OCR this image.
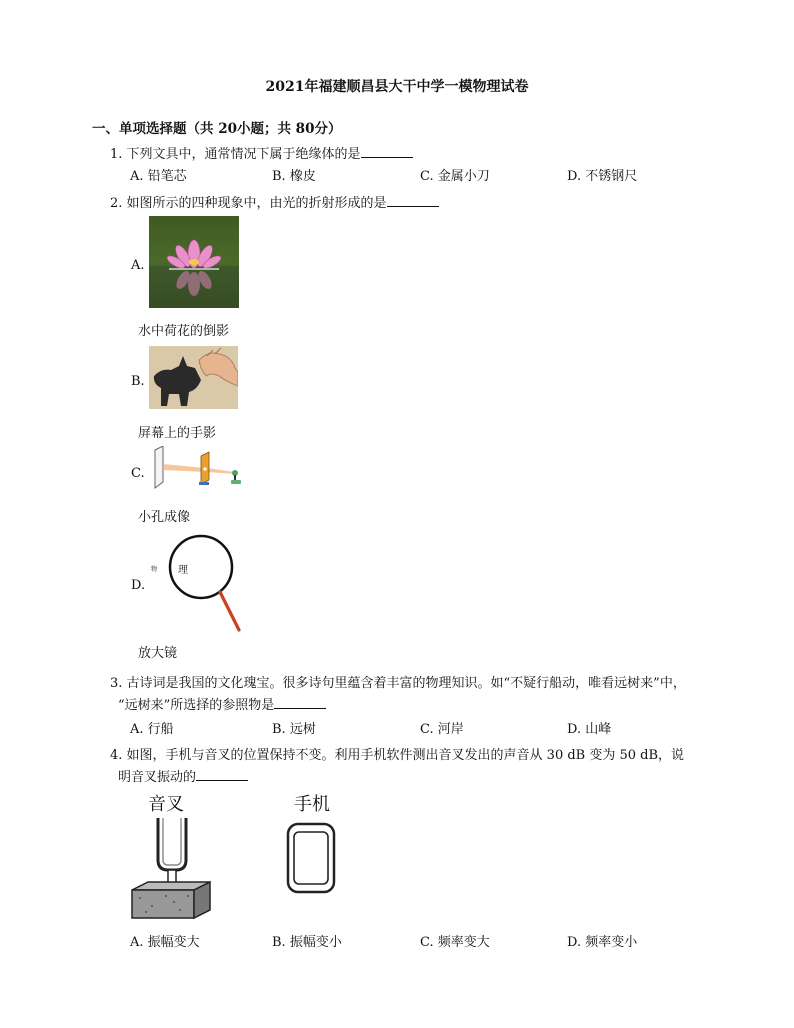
2021年福建顺昌县大干中学一模物理试卷
一、单项选择题（共 20小题；共 80分）
1. 下列文具中，通常情况下属于绝缘体的是
A. 铅笔芯	B. 橡皮	C. 金属小刀	D. 不锈钢尺
2. 如图所示的四种现象中，由光的折射形成的是
A.
水中荷花的倒影
B.
屏幕上的手影
C.
小孔成像
D.
物 理
放大镜
3. 古诗词是我国的文化瑰宝。很多诗句里蕴含着丰富的物理知识。如“不疑行船动，唯看远树来”中，
“远树来”所选择的参照物是
A. 行船	B. 远树	C. 河岸	D. 山峰
4. 如图，手机与音叉的位置保持不变。利用手机软件测出音叉发出的声音从 30 dB 变为 50 dB，说
明音叉振动的
音叉	手机
A. 振幅变大	B. 振幅变小	C. 频率变大	D. 频率变小
